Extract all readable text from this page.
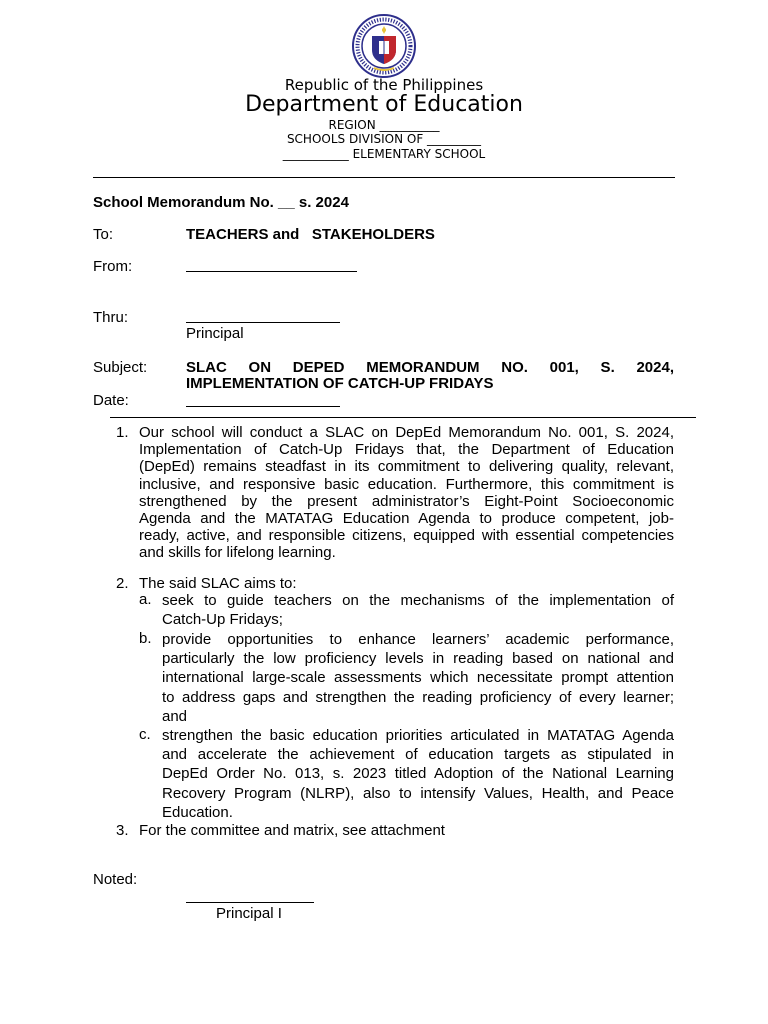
Republic of the Philippines
Department of Education
REGION __________
SCHOOLS DIVISION OF _________
___________ ELEMENTARY SCHOOL
School Memorandum No. __ s. 2024
To:	TEACHERS and   STAKEHOLDERS
From:
Thru:
Principal
Subject:	SLAC ON DEPED MEMORANDUM NO. 001, S. 2024,
IMPLEMENTATION OF CATCH-UP FRIDAYS
Date:
1. Our school will conduct a SLAC on DepEd Memorandum No. 001, S. 2024,
Implementation of Catch-Up Fridays that, the Department of Education
(DepEd) remains steadfast in its commitment to delivering quality, relevant,
inclusive, and responsive basic education. Furthermore, this commitment is
strengthened by the present administrator’s Eight-Point Socioeconomic
Agenda and the MATATAG Education Agenda to produce competent, job-
ready, active, and responsible citizens, equipped with essential competencies
and skills for lifelong learning.
2. The said SLAC aims to:
a. seek to guide teachers on the mechanisms of the implementation of
Catch-Up Fridays;
b. provide opportunities to enhance learners’ academic performance,
particularly the low proficiency levels in reading based on national and
international large-scale assessments which necessitate prompt attention
to address gaps and strengthen the reading proficiency of every learner;
and
c. strengthen the basic education priorities articulated in MATATAG Agenda
and accelerate the achievement of education targets as stipulated in
DepEd Order No. 013, s. 2023 titled Adoption of the National Learning
Recovery Program (NLRP), also to intensify Values, Health, and Peace
Education.
3. For the committee and matrix, see attachment
Noted:
Principal I
